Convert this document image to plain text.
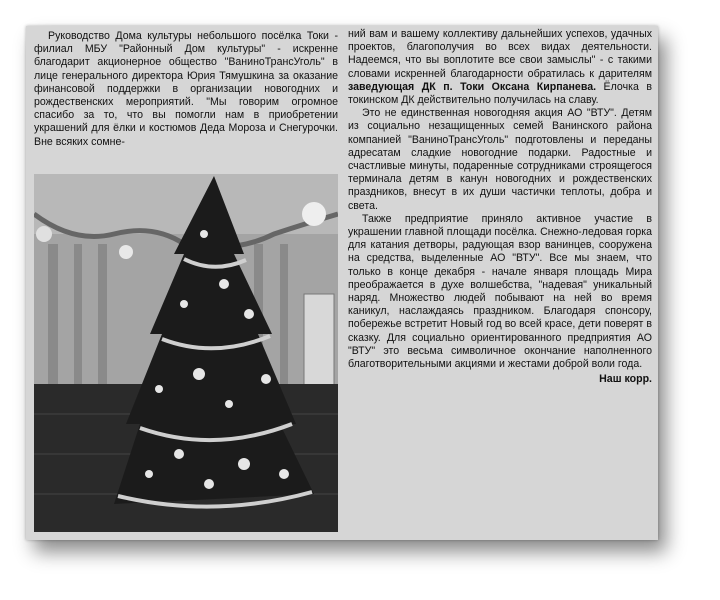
Руководство Дома культуры небольшого посёлка Токи - филиал МБУ "Районный Дом культуры" - искренне благодарит акционерное общество "ВаниноТрансУголь" в лице генерального директора Юрия Тямушкина за оказание финансовой поддержки в организации новогодних и рождественских мероприятий. "Мы говорим огромное спасибо за то, что вы помогли нам в приобретении украшений для ёлки и костюмов Деда Мороза и Снегурочки. Вне всяких сомне-

ний вам и вашему коллективу дальнейших успехов, удачных проектов, благополучия во всех видах деятельности. Надеемся, что вы воплотите все свои замыслы" - с такими словами искренней благодарности обратилась к дарителям заведующая ДК п. Токи Оксана Кирпанева. Ёлочка в токинском ДК действительно получилась на славу.

Это не единственная новогодняя акция АО "ВТУ". Детям из социально незащищенных семей Ванинского района компанией "ВаниноТрансУголь" подготовлены и переданы адресатам сладкие новогодние подарки. Радостные и счастливые минуты, подаренные сотрудниками строящегося терминала детям в канун новогодних и рождественских праздников, внесут в их души частички теплоты, добра и света.

Также предприятие приняло активное участие в украшении главной площади посёлка. Снежно-ледовая горка для катания детворы, радующая взор ванинцев, сооружена на средства, выделенные АО "ВТУ". Все мы знаем, что только в конце декабря - начале января площадь Мира преображается в духе волшебства, "надевая" уникальный наряд. Множество людей побывают на ней во время каникул, наслаждаясь праздником. Благодаря спонсору, побережье встретит Новый год во всей красе, дети поверят в сказку. Для социально ориентированного предприятия АО "ВТУ" это весьма символичное окончание наполненного благотворительными акциями и жестами доброй воли года.

Наш корр.
